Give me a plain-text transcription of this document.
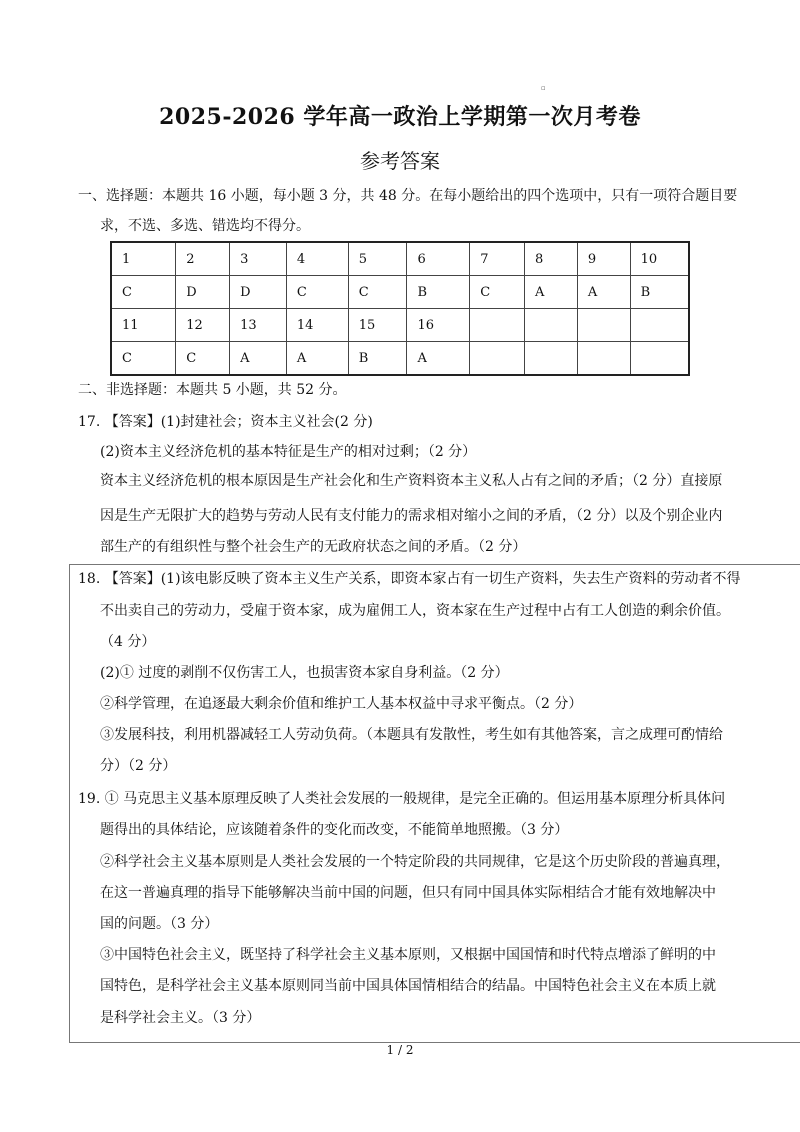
▫
2025-2026 学年高一政治上学期第一次月考卷
参考答案
一、选择题：本题共 16 小题，每小题 3 分，共 48 分。在每小题给出的四个选项中，只有一项符合题目要
求，不选、多选、错选均不得分。
1	2	3	4	5	6	7	8	9	10
C	D	D	C	C	B	C	A	A	B
11	12	13	14	15	16				
C	C	A	A	B	A				
二、非选择题：本题共 5 小题，共 52 分。
17. 【答案】(1)封建社会；资本主义社会(2 分)
(2)资本主义经济危机的基本特征是生产的相对过剩；（2 分）
资本主义经济危机的根本原因是生产社会化和生产资料资本主义私人占有之间的矛盾；（2 分）直接原
因是生产无限扩大的趋势与劳动人民有支付能力的需求相对缩小之间的矛盾，（2 分）以及个别企业内
部生产的有组织性与整个社会生产的无政府状态之间的矛盾。（2 分）
18. 【答案】(1)该电影反映了资本主义生产关系，即资本家占有一切生产资料，失去生产资料的劳动者不得
不出卖自己的劳动力，受雇于资本家，成为雇佣工人，资本家在生产过程中占有工人创造的剩余价值。
（4 分）
(2)① 过度的剥削不仅伤害工人，也损害资本家自身利益。（2 分）
②科学管理，在追逐最大剩余价值和维护工人基本权益中寻求平衡点。（2 分）
③发展科技，利用机器减轻工人劳动负荷。（本题具有发散性，考生如有其他答案，言之成理可酌情给
分）（2 分）
19. ① 马克思主义基本原理反映了人类社会发展的一般规律，是完全正确的。但运用基本原理分析具体问
题得出的具体结论，应该随着条件的变化而改变，不能简单地照搬。（3 分）
②科学社会主义基本原则是人类社会发展的一个特定阶段的共同规律，它是这个历史阶段的普遍真理，
在这一普遍真理的指导下能够解决当前中国的问题，但只有同中国具体实际相结合才能有效地解决中
国的问题。（3 分）
③中国特色社会主义，既坚持了科学社会主义基本原则，又根据中国国情和时代特点增添了鲜明的中
国特色，是科学社会主义基本原则同当前中国具体国情相结合的结晶。中国特色社会主义在本质上就
是科学社会主义。（3 分）
1 / 2
